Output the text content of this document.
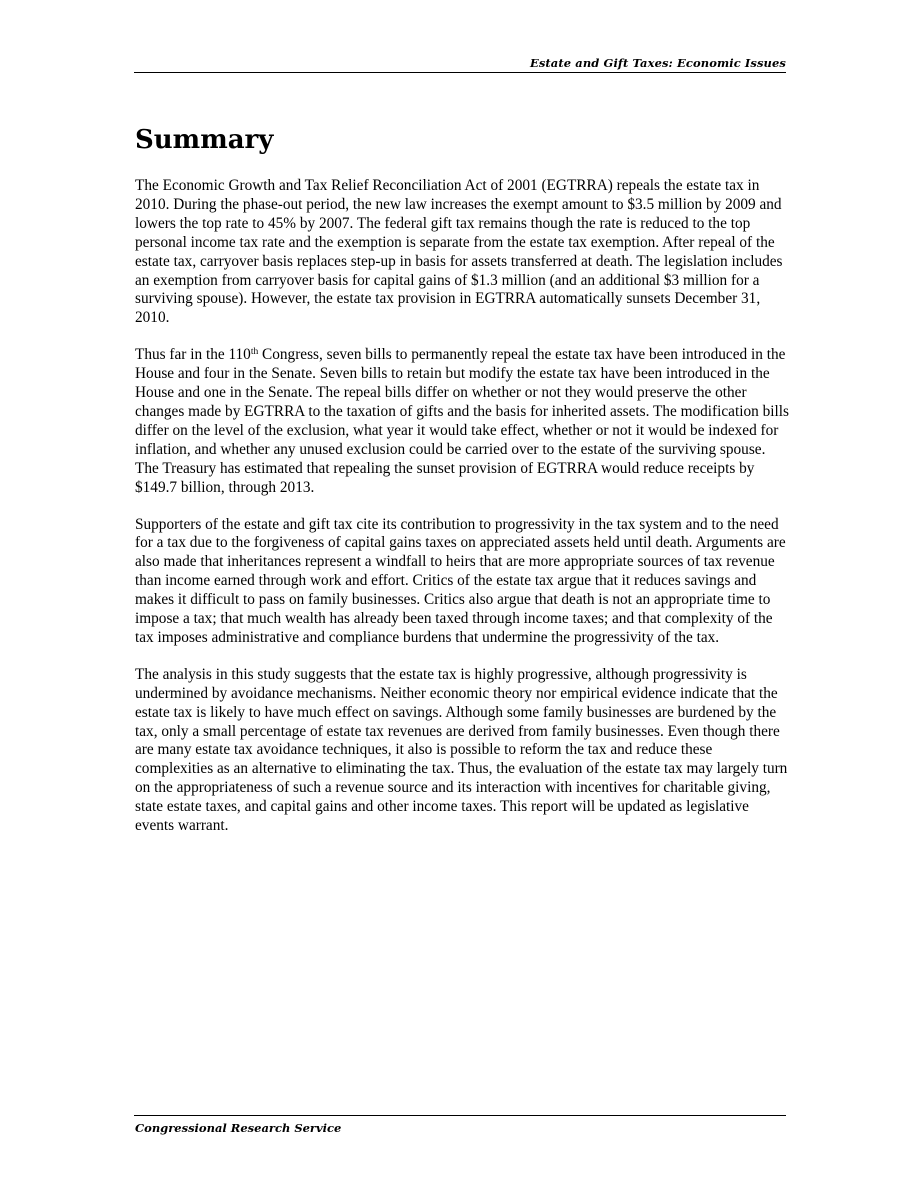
Estate and Gift Taxes: Economic Issues
Summary

The Economic Growth and Tax Relief Reconciliation Act of 2001 (EGTRRA) repeals the estate tax in 2010. During the phase-out period, the new law increases the exempt amount to $3.5 million by 2009 and lowers the top rate to 45% by 2007. The federal gift tax remains though the rate is reduced to the top personal income tax rate and the exemption is separate from the estate tax exemption. After repeal of the estate tax, carryover basis replaces step-up in basis for assets transferred at death. The legislation includes an exemption from carryover basis for capital gains of $1.3 million (and an additional $3 million for a surviving spouse). However, the estate tax provision in EGTRRA automatically sunsets December 31, 2010.

Thus far in the 110th Congress, seven bills to permanently repeal the estate tax have been introduced in the House and four in the Senate. Seven bills to retain but modify the estate tax have been introduced in the House and one in the Senate. The repeal bills differ on whether or not they would preserve the other changes made by EGTRRA to the taxation of gifts and the basis for inherited assets. The modification bills differ on the level of the exclusion, what year it would take effect, whether or not it would be indexed for inflation, and whether any unused exclusion could be carried over to the estate of the surviving spouse. The Treasury has estimated that repealing the sunset provision of EGTRRA would reduce receipts by $149.7 billion, through 2013.

Supporters of the estate and gift tax cite its contribution to progressivity in the tax system and to the need for a tax due to the forgiveness of capital gains taxes on appreciated assets held until death. Arguments are also made that inheritances represent a windfall to heirs that are more appropriate sources of tax revenue than income earned through work and effort. Critics of the estate tax argue that it reduces savings and makes it difficult to pass on family businesses. Critics also argue that death is not an appropriate time to impose a tax; that much wealth has already been taxed through income taxes; and that complexity of the tax imposes administrative and compliance burdens that undermine the progressivity of the tax.

The analysis in this study suggests that the estate tax is highly progressive, although progressivity is undermined by avoidance mechanisms. Neither economic theory nor empirical evidence indicate that the estate tax is likely to have much effect on savings. Although some family businesses are burdened by the tax, only a small percentage of estate tax revenues are derived from family businesses. Even though there are many estate tax avoidance techniques, it also is possible to reform the tax and reduce these complexities as an alternative to eliminating the tax. Thus, the evaluation of the estate tax may largely turn on the appropriateness of such a revenue source and its interaction with incentives for charitable giving, state estate taxes, and capital gains and other income taxes. This report will be updated as legislative events warrant.

Congressional Research Service
